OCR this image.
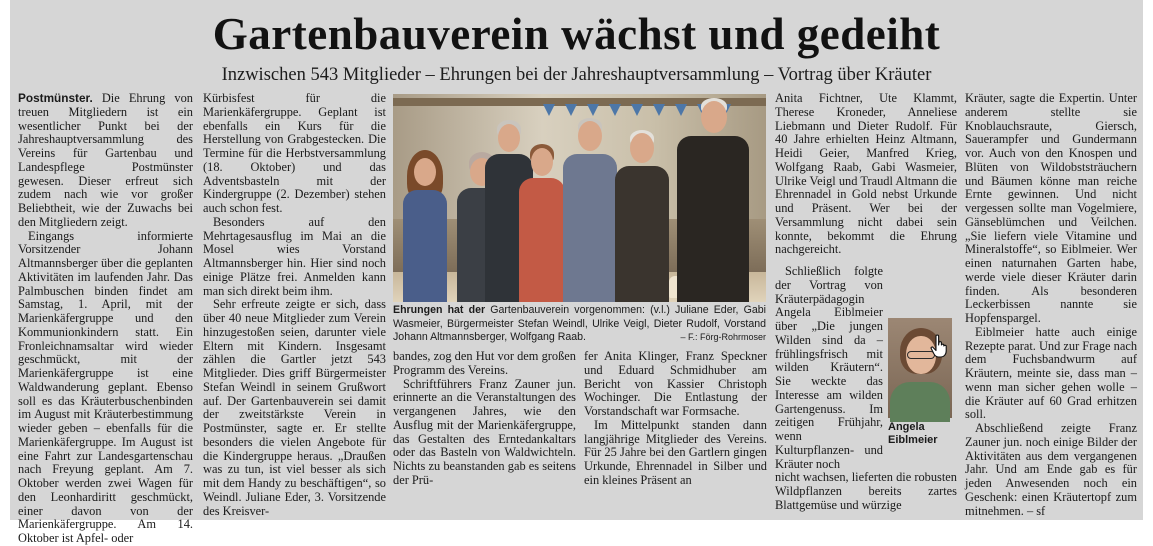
Gartenbauverein wächst und gedeiht
Inzwischen 543 Mitglieder – Ehrungen bei der Jahreshauptversammlung – Vortrag über Kräuter

Postmünster. Die Ehrung von treuen Mitgliedern ist ein wesentlicher Punkt bei der Jahreshauptversammlung des Vereins für Gartenbau und Landespflege Postmünster gewesen. Dieser erfreut sich zudem nach wie vor großer Beliebtheit, wie der Zuwachs bei den Mitgliedern zeigt.

Eingangs informierte Vorsitzender Johann Altmannsberger über die geplanten Aktivitäten im laufenden Jahr. Das Palmbuschen binden findet am Samstag, 1. April, mit der Marienkäfergruppe und den Kommunionkindern statt. Ein Fronleichnamsaltar wird wieder geschmückt, mit der Marienkäfergruppe ist eine Waldwanderung geplant. Ebenso soll es das Kräuterbuschenbinden im August mit Kräuterbestimmung wieder geben – ebenfalls für die Marienkäfergruppe. Im August ist eine Fahrt zur Landesgartenschau nach Freyung geplant. Am 7. Oktober werden zwei Wagen für den Leonhardiritt geschmückt, einer davon von der Marienkäfergruppe. Am 14. Oktober ist Apfel- oder

Kürbisfest für die Marienkäfergruppe. Geplant ist ebenfalls ein Kurs für die Herstellung von Grabgestecken. Die Termine für die Herbstversammlung (18. Oktober) und das Adventsbasteln mit der Kindergruppe (2. Dezember) stehen auch schon fest.

Besonders auf den Mehrtagesausflug im Mai an die Mosel wies Vorstand Altmannsberger hin. Hier sind noch einige Plätze frei. Anmelden kann man sich direkt beim ihm.

Sehr erfreute zeigte er sich, dass über 40 neue Mitglieder zum Verein hinzugestoßen seien, darunter viele Eltern mit Kindern. Insgesamt zählen die Gartler jetzt 543 Mitglieder. Dies griff Bürgermeister Stefan Weindl in seinem Grußwort auf. Der Gartenbauverein sei damit der zweitstärkste Verein in Postmünster, sagte er. Er stellte besonders die vielen Angebote für die Kindergruppe heraus. „Draußen was zu tun, ist viel besser als sich mit dem Handy zu beschäftigen“, so Weindl. Juliane Eder, 3. Vorsitzende des Kreisver-

Ehrungen hat der Gartenbauverein vorgenommen: (v.l.) Juliane Eder, Gabi Wasmeier, Bürgermeister Stefan Weindl, Ulrike Veigl, Dieter Rudolf, Vorstand Johann Altmannsberger, Wolfgang Raab.	– F.: Förg-Rohrmoser

bandes, zog den Hut vor dem großen Programm des Vereins.

Schriftführers Franz Zauner jun. erinnerte an die Veranstaltungen des vergangenen Jahres, wie den Ausflug mit der Marienkäfergruppe, das Gestalten des Erntedankaltars oder das Basteln von Waldwichteln. Nichts zu beanstanden gab es seitens der Prü-

fer Anita Klinger, Franz Speckner und Eduard Schmidhuber am Bericht von Kassier Christoph Wochinger. Die Entlastung der Vorstandschaft war Formsache.

Im Mittelpunkt standen dann langjährige Mitglieder des Vereins. Für 25 Jahre bei den Gartlern gingen Urkunde, Ehrennadel in Silber und ein kleines Präsent an

Anita Fichtner, Ute Klammt, Therese Kroneder, Anneliese Liebmann und Dieter Rudolf. Für 40 Jahre erhielten Heinz Altmann, Heidi Geier, Manfred Krieg, Wolfgang Raab, Gabi Wasmeier, Ulrike Veigl und Traudl Altmann die Ehrennadel in Gold nebst Urkunde und Präsent. Wer bei der Versammlung nicht dabei sein konnte, bekommt die Ehrung nachgereicht.

Schließlich folgte der Vortrag von Kräuterpädagogin Angela Eiblmeier über „Die jungen Wilden sind da – frühlingsfrisch mit wilden Kräutern“. Sie weckte das Interesse am wilden Gartengenuss. Im zeitigen Frühjahr, wenn Kulturpflanzen- und Kräuter noch
nicht wachsen, lieferten die robusten Wildpflanzen bereits zartes Blattgemüse und würzige

Angela
Eiblmeier

Kräuter, sagte die Expertin. Unter anderem stellte sie Knoblauchsraute, Giersch, Sauerampfer und Gundermann vor. Auch von den Knospen und Blüten von Wildobststräuchern und Bäumen könne man reiche Ernte gewinnen. Und nicht vergessen sollte man Vogelmiere, Gänseblümchen und Veilchen. „Sie liefern viele Vitamine und Mineralstoffe“, so Eiblmeier. Wer einen naturnahen Garten habe, werde viele dieser Kräuter darin finden. Als besonderen Leckerbissen nannte sie Hopfenspargel.

Eiblmeier hatte auch einige Rezepte parat. Und zur Frage nach dem Fuchsbandwurm auf Kräutern, meinte sie, dass man – wenn man sicher gehen wolle – die Kräuter auf 60 Grad erhitzen soll.

Abschließend zeigte Franz Zauner jun. noch einige Bilder der Aktivitäten aus dem vergangenen Jahr. Und am Ende gab es für jeden Anwesenden noch ein Geschenk: einen Kräutertopf zum mitnehmen. – sf
